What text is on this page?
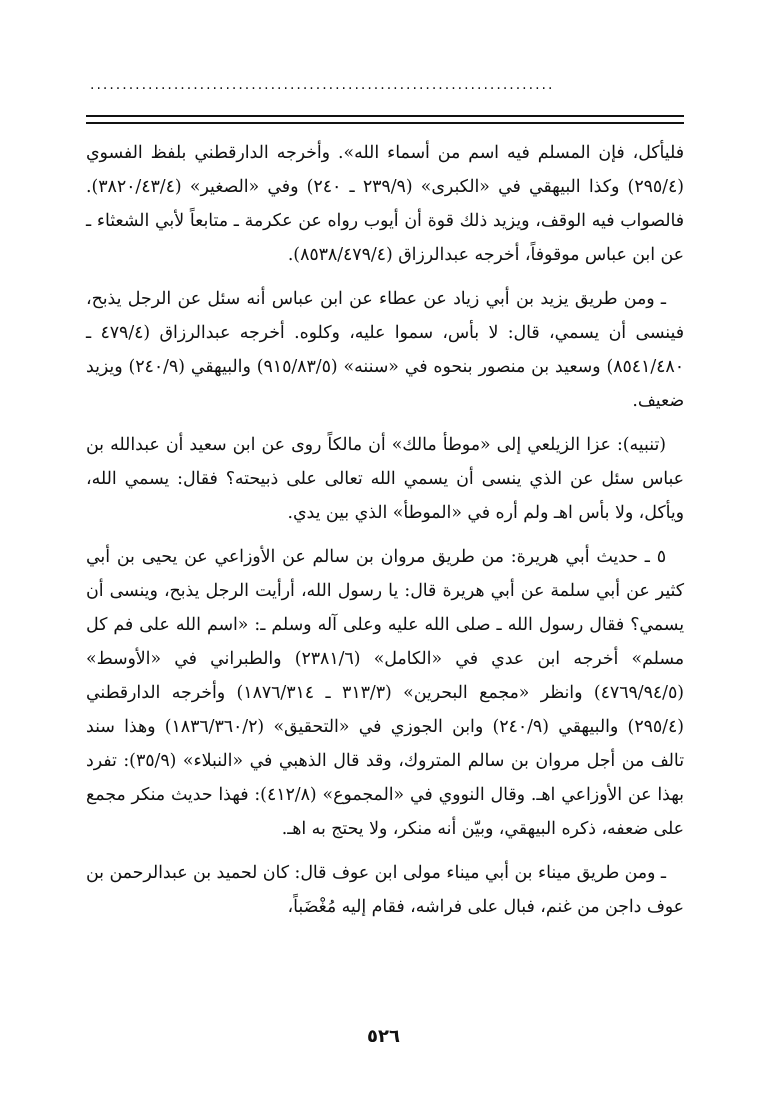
........................................................................

فليأكل، فإن المسلم فيه اسم من أسماء الله». وأخرجه الدارقطني بلفظ الفسوي (٢٩٥/٤) وكذا البيهقي في «الكبرى» (٢٣٩/٩ ـ ٢٤٠) وفي «الصغير» (٣٨٢٠/٤٣/٤). فالصواب فيه الوقف، ويزيد ذلك قوة أن أيوب رواه عن عكرمة ـ متابعاً لأبي الشعثاء ـ عن ابن عباس موقوفاً، أخرجه عبدالرزاق (٨٥٣٨/٤٧٩/٤).

ـ ومن طريق يزيد بن أبي زياد عن عطاء عن ابن عباس أنه سئل عن الرجل يذبح، فينسى أن يسمي، قال: لا بأس، سموا عليه، وكلوه. أخرجه عبدالرزاق (٤٧٩/٤ ـ ٨٥٤١/٤٨٠) وسعيد بن منصور بنحوه في «سننه» (٩١٥/٨٣/٥) والبيهقي (٢٤٠/٩) ويزيد ضعيف.

(تنبيه): عزا الزيلعي إلى «موطأ مالك» أن مالكاً روى عن ابن سعيد أن عبدالله بن عباس سئل عن الذي ينسى أن يسمي الله تعالى على ذبيحته؟ فقال: يسمي الله، ويأكل، ولا بأس اهـ ولم أره في «الموطأ» الذي بين يدي.

٥ ـ حديث أبي هريرة: من طريق مروان بن سالم عن الأوزاعي عن يحيى بن أبي كثير عن أبي سلمة عن أبي هريرة قال: يا رسول الله، أرأيت الرجل يذبح، وينسى أن يسمي؟ فقال رسول الله ـ صلى الله عليه وعلى آله وسلم ـ: «اسم الله على فم كل مسلم» أخرجه ابن عدي في «الكامل» (٢٣٨١/٦) والطبراني في «الأوسط» (٤٧٦٩/٩٤/٥) وانظر «مجمع البحرين» (٣١٣/٣ ـ ١٨٧٦/٣١٤) وأخرجه الدارقطني (٢٩٥/٤) والبيهقي (٢٤٠/٩) وابن الجوزي في «التحقيق» (١٨٣٦/٣٦٠/٢) وهذا سند تالف من أجل مروان بن سالم المتروك، وقد قال الذهبي في «النبلاء» (٣٥/٩): تفرد بهذا عن الأوزاعي اهـ. وقال النووي في «المجموع» (٤١٢/٨): فهذا حديث منكر مجمع على ضعفه، ذكره البيهقي، وبيّن أنه منكر، ولا يحتج به اهـ.

ـ ومن طريق ميناء بن أبي ميناء مولى ابن عوف قال: كان لحميد بن عبدالرحمن بن عوف داجن من غنم، فبال على فراشه، فقام إليه مُغْضَباً،

٥٢٦
